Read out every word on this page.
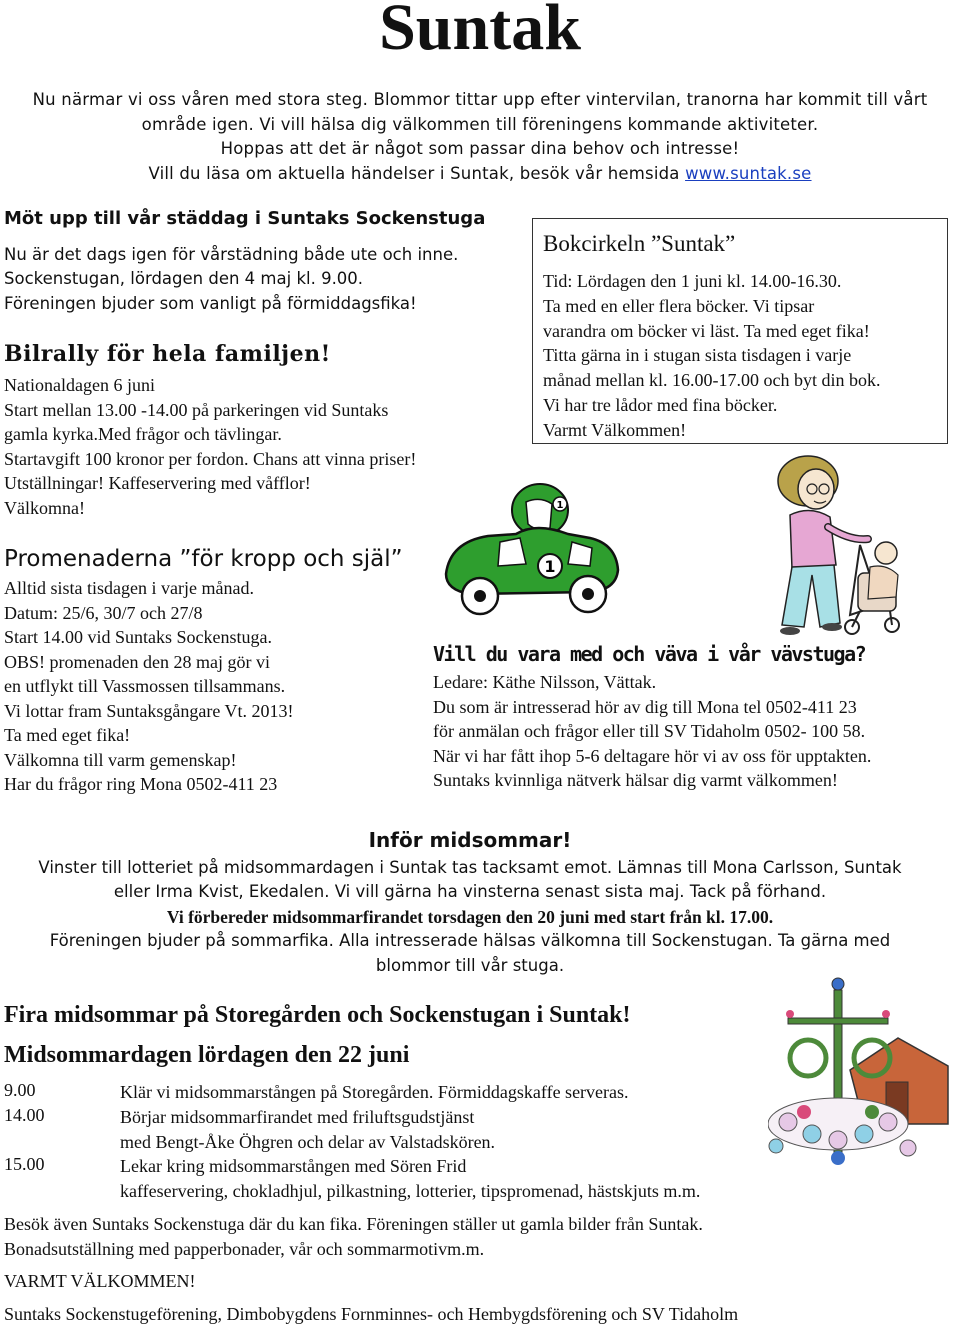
Suntak
Nu närmar vi oss våren med stora steg. Blommor tittar upp efter vintervilan, tranorna har kommit till vårt
område igen. Vi vill hälsa dig välkommen till föreningens kommande aktiviteter.
Hoppas att det är något som passar dina behov och intresse!
Vill du läsa om aktuella händelser i Suntak, besök vår hemsida www.suntak.se
Möt upp till vår städdag i Suntaks Sockenstuga
Nu är det dags igen för vårstädning både ute och inne.
Sockenstugan, lördagen den 4 maj kl. 9.00.
Föreningen bjuder som vanligt på förmiddagsfika!
Bokcirkeln ”Suntak”
Tid: Lördagen den 1 juni kl. 14.00-16.30.
Ta med en eller flera böcker. Vi tipsar
varandra om böcker vi läst. Ta med eget fika!
Titta gärna in i stugan sista tisdagen i varje
månad mellan kl. 16.00-17.00 och byt din bok.
Vi har tre lådor med fina böcker.
Varmt Välkommen!
Bilrally för hela familjen!
Nationaldagen 6 juni
Start mellan 13.00 -14.00 på parkeringen vid Suntaks
gamla kyrka.Med frågor och tävlingar.
Startavgift 100 kronor per fordon. Chans att vinna priser!
Utställningar! Kaffeservering med våfflor!
Välkomna!	1
1
Promenaderna ”för kropp och själ”
Alltid sista tisdagen i varje månad.
Datum: 25/6, 30/7 och 27/8
Start 14.00 vid Suntaks Sockenstuga.
OBS! promenaden den 28 maj gör vi
en utflykt till Vassmossen tillsammans.
Vi lottar fram Suntaksgångare Vt. 2013!
Ta med eget fika!
Välkomna till varm gemenskap!
Har du frågor ring Mona 0502-411 23
Vill du vara med och väva i vår vävstuga?
Ledare: Käthe Nilsson, Vättak.
Du som är intresserad hör av dig till Mona tel 0502-411 23
för anmälan och frågor eller till SV Tidaholm 0502- 100 58.
När vi har fått ihop 5-6 deltagare hör vi av oss för upptakten.
Suntaks kvinnliga nätverk hälsar dig varmt välkommen!
Inför midsommar!
Vinster till lotteriet på midsommardagen i Suntak tas tacksamt emot. Lämnas till Mona Carlsson, Suntak
eller Irma Kvist, Ekedalen. Vi vill gärna ha vinsterna senast sista maj. Tack på förhand.
Vi förbereder midsommarfirandet torsdagen den 20 juni med start från kl. 17.00.
Föreningen bjuder på sommarfika. Alla intresserade hälsas välkomna till Sockenstugan. Ta gärna med
blommor till vår stuga.
Fira midsommar på Storegården och Sockenstugan i Suntak!
Midsommardagen lördagen den 22 juni
9.00	Klär vi midsommarstången på Storegården. Förmiddagskaffe serveras.
14.00	Börjar midsommarfirandet med friluftsgudstjänst
med Bengt-Åke Öhgren och delar av Valstadskören.
15.00	Lekar kring midsommarstången med Sören Frid
kaffeservering, chokladhjul, pilkastning, lotterier, tipspromenad, hästskjuts m.m.
Besök även Suntaks Sockenstuga där du kan fika. Föreningen ställer ut gamla bilder från Suntak.
Bonadsutställning med papperbonader, vår och sommarmotivm.m.
VARMT VÄLKOMMEN!
Suntaks Sockenstugeförening, Dimbobygdens Fornminnes- och Hembygdsförening och SV Tidaholm
